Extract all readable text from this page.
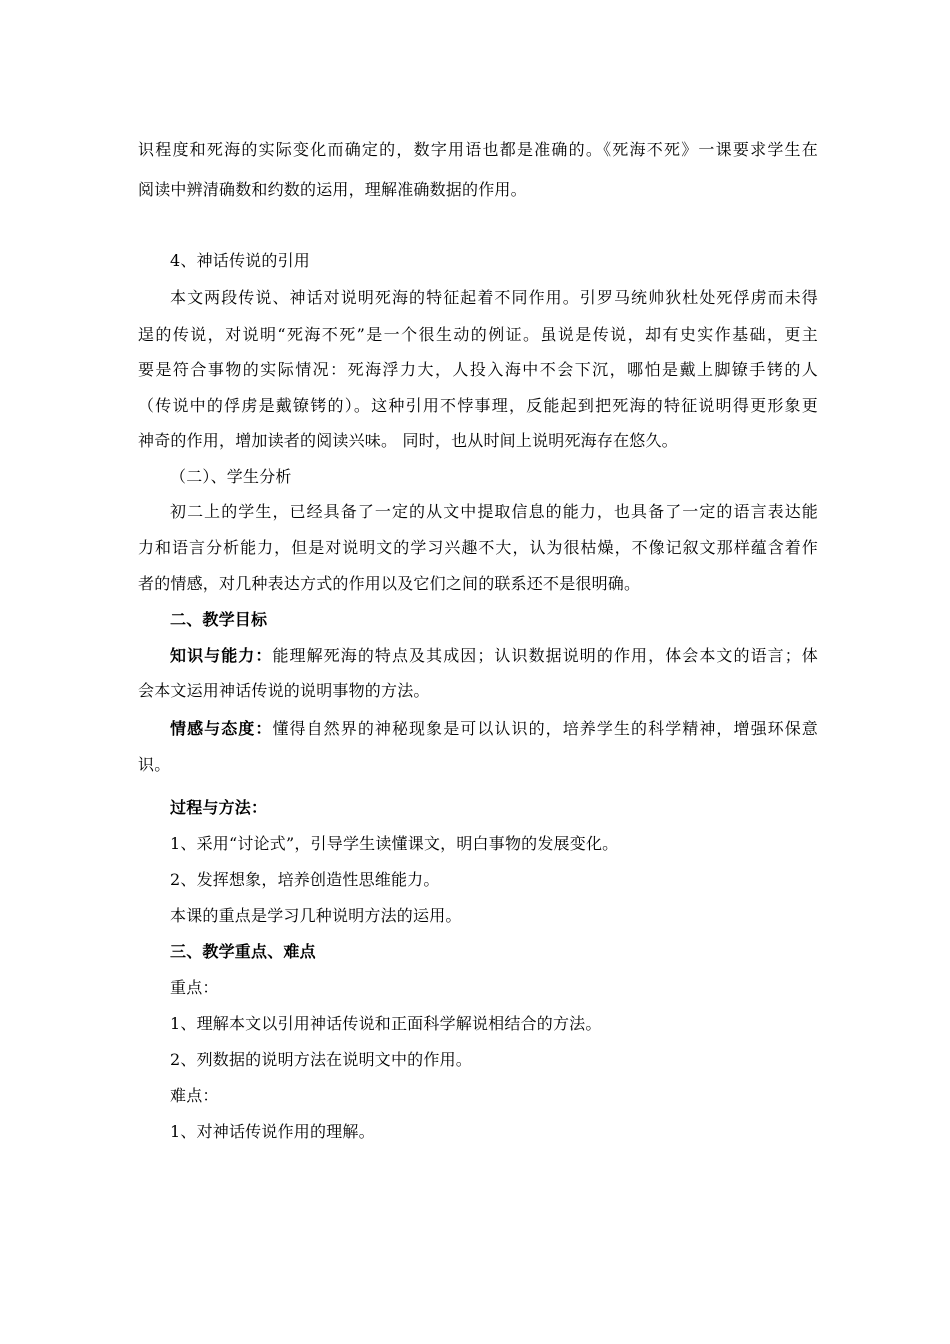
识程度和死海的实际变化而确定的，数字用语也都是准确的。《死海不死》一课要求学生在
阅读中辨清确数和约数的运用，理解准确数据的作用。
4、神话传说的引用
本文两段传说、神话对说明死海的特征起着不同作用。引罗马统帅狄杜处死俘虏而未得
逞的传说，对说明“死海不死”是一个很生动的例证。虽说是传说，却有史实作基础，更主
要是符合事物的实际情况：死海浮力大，人投入海中不会下沉，哪怕是戴上脚镣手铐的人
（传说中的俘虏是戴镣铐的）。这种引用不悖事理，反能起到把死海的特征说明得更形象更
神奇的作用，增加读者的阅读兴味。 同时，也从时间上说明死海存在悠久。
（二）、学生分析
初二上的学生，已经具备了一定的从文中提取信息的能力，也具备了一定的语言表达能
力和语言分析能力，但是对说明文的学习兴趣不大，认为很枯燥，不像记叙文那样蕴含着作
者的情感，对几种表达方式的作用以及它们之间的联系还不是很明确。
二、教学目标
知识与能力：能理解死海的特点及其成因；认识数据说明的作用，体会本文的语言；体
会本文运用神话传说的说明事物的方法。
情感与态度：懂得自然界的神秘现象是可以认识的，培养学生的科学精神，增强环保意
识。
过程与方法：
1、采用“讨论式”，引导学生读懂课文，明白事物的发展变化。
2、发挥想象，培养创造性思维能力。
本课的重点是学习几种说明方法的运用。
三、教学重点、难点
重点：
1、理解本文以引用神话传说和正面科学解说相结合的方法。
2、列数据的说明方法在说明文中的作用。
难点：
1、对神话传说作用的理解。
